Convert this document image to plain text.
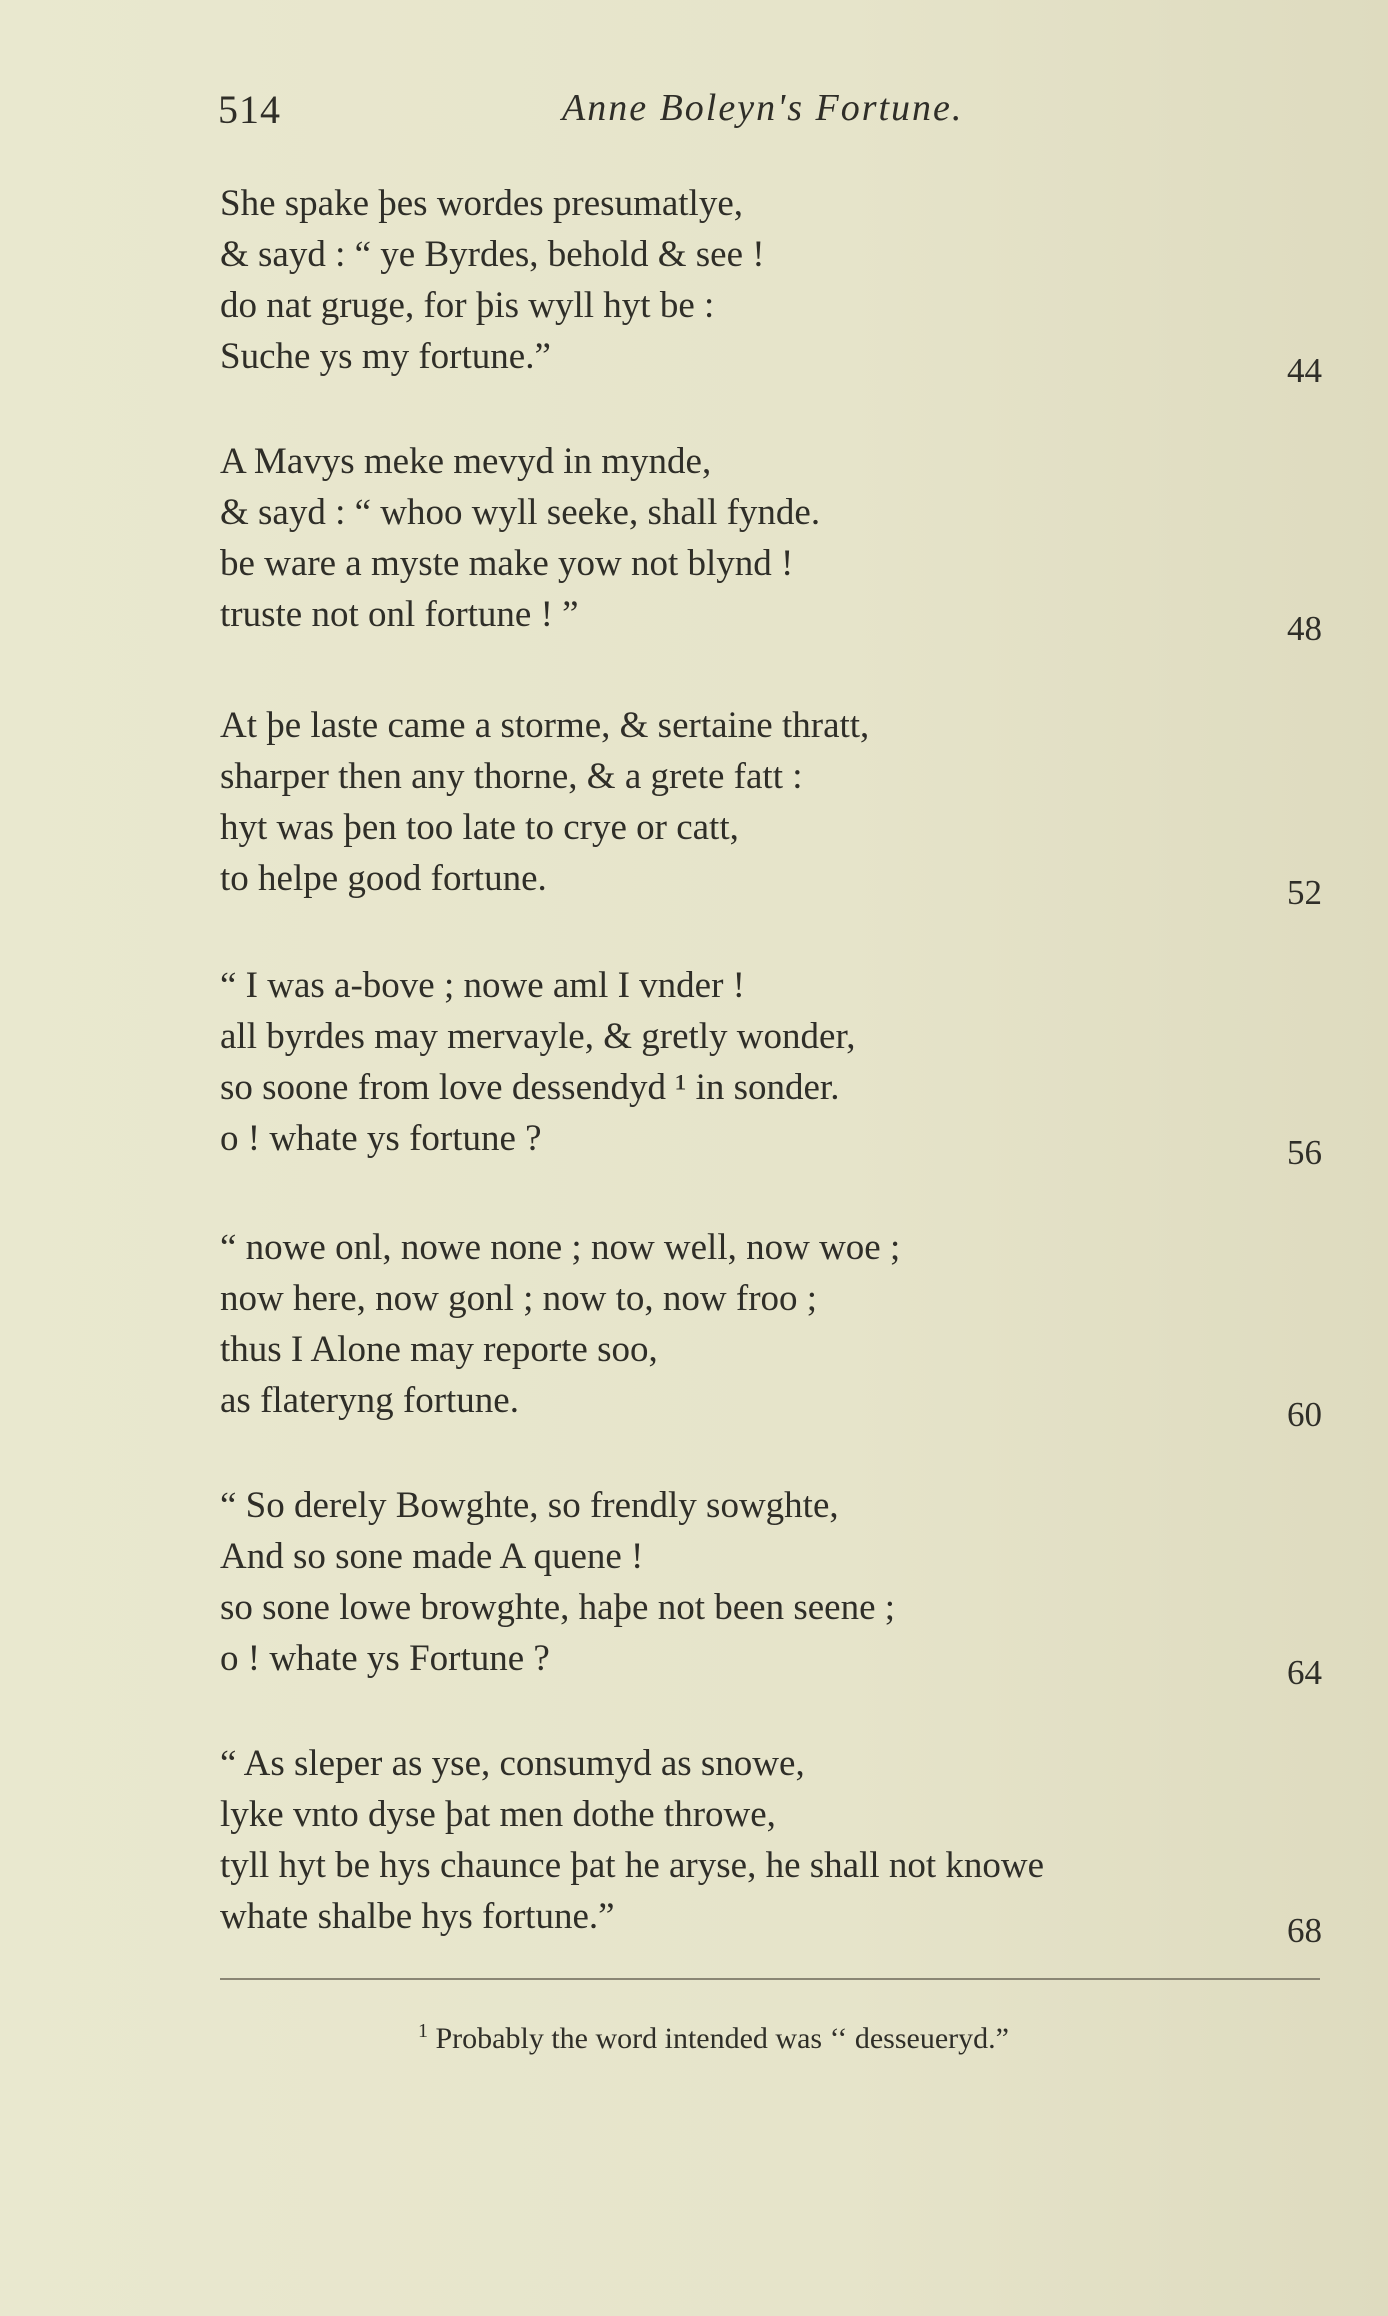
514	Anne Boleyn's Fortune.
She spake þes wordes presumatlye,
& sayd : “ ye Byrdes, behold & see !
do nat gruge, for þis wyll hyt be :
Suche ys my fortune.”	44
A Mavys meke mevyd in mynde,
& sayd : “ whoo wyll seeke, shall fynde.
be ware a myste make yow not blynd !
truste not onl fortune ! ”	48
At þe laste came a storme, & sertaine thratt,
sharper then any thorne, & a grete fatt :
hyt was þen too late to crye or catt,
to helpe good fortune.	52
“ I was a-bove ; nowe aml I vnder !
all byrdes may mervayle, & gretly wonder,
so soone from love dessendyd ¹ in sonder.
o ! whate ys fortune ?	56
“ nowe onl, nowe none ; now well, now woe ;
now here, now gonl ; now to, now froo ;
thus I Alone may reporte soo,
as flateryng fortune.	60
“ So derely Bowghte, so frendly sowghte,
And so sone made A quene !
so sone lowe browghte, haþe not been seene ;
o ! whate ys Fortune ?	64
“ As sleper as yse, consumyd as snowe,
lyke vnto dyse þat men dothe throwe,
tyll hyt be hys chaunce þat he aryse, he shall not knowe
whate shalbe hys fortune.”	68
$^1$ Probably the word intended was ‘‘ desseueryd.”
